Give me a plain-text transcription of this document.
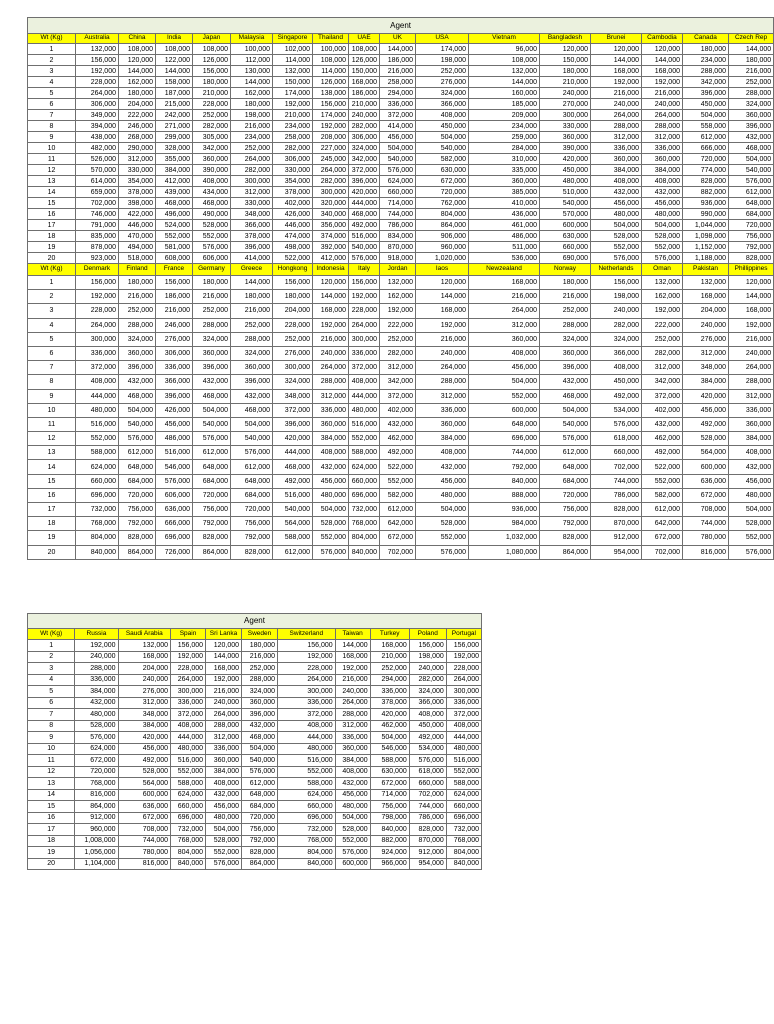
Agent																
Wt (Kg)	Australia	China	India	Japan	Malaysia	Singapore	Thailand	UAE	UK	USA	Vietnam	Bangladesh	Brunei	Cambodia	Canada	Czech Rep
1	132,000	108,000	108,000	108,000	100,000	102,000	100,000	108,000	144,000	174,000	96,000	120,000	120,000	120,000	180,000	144,000
2	156,000	120,000	122,000	126,000	112,000	114,000	108,000	126,000	186,000	198,000	108,000	150,000	144,000	144,000	234,000	180,000
3	192,000	144,000	144,000	156,000	130,000	132,000	114,000	150,000	216,000	252,000	132,000	180,000	168,000	168,000	288,000	216,000
4	228,000	162,000	158,000	180,000	144,000	150,000	126,000	168,000	258,000	276,000	144,000	210,000	192,000	192,000	342,000	252,000
5	264,000	180,000	187,000	210,000	162,000	174,000	138,000	186,000	294,000	324,000	160,000	240,000	216,000	216,000	396,000	288,000
6	306,000	204,000	215,000	228,000	180,000	192,000	156,000	210,000	336,000	366,000	185,000	270,000	240,000	240,000	450,000	324,000
7	349,000	222,000	242,000	252,000	198,000	210,000	174,000	240,000	372,000	408,000	209,000	300,000	264,000	264,000	504,000	360,000
8	394,000	246,000	271,000	282,000	216,000	234,000	192,000	282,000	414,000	450,000	234,000	330,000	288,000	288,000	558,000	396,000
9	438,000	268,000	299,000	305,000	234,000	258,000	208,000	306,000	456,000	504,000	259,000	360,000	312,000	312,000	612,000	432,000
10	482,000	290,000	328,000	342,000	252,000	282,000	227,000	324,000	504,000	540,000	284,000	390,000	336,000	336,000	666,000	468,000
11	526,000	312,000	355,000	360,000	264,000	306,000	245,000	342,000	540,000	582,000	310,000	420,000	360,000	360,000	720,000	504,000
12	570,000	330,000	384,000	390,000	282,000	330,000	264,000	372,000	576,000	630,000	335,000	450,000	384,000	384,000	774,000	540,000
13	614,000	354,000	412,000	408,000	300,000	354,000	282,000	396,000	624,000	672,000	360,000	480,000	408,000	408,000	828,000	576,000
14	659,000	378,000	439,000	434,000	312,000	378,000	300,000	420,000	660,000	720,000	385,000	510,000	432,000	432,000	882,000	612,000
15	702,000	398,000	468,000	468,000	330,000	402,000	320,000	444,000	714,000	762,000	410,000	540,000	456,000	456,000	936,000	648,000
16	746,000	422,000	496,000	490,000	348,000	426,000	340,000	468,000	744,000	804,000	436,000	570,000	480,000	480,000	990,000	684,000
17	791,000	446,000	524,000	528,000	366,000	446,000	356,000	492,000	786,000	864,000	461,000	600,000	504,000	504,000	1,044,000	720,000
18	835,000	470,000	552,000	552,000	378,000	474,000	374,000	516,000	834,000	906,000	486,000	630,000	528,000	528,000	1,098,000	756,000
19	878,000	494,000	581,000	576,000	396,000	498,000	392,000	540,000	870,000	960,000	511,000	660,000	552,000	552,000	1,152,000	792,000
20	923,000	518,000	608,000	606,000	414,000	522,000	412,000	576,000	918,000	1,020,000	536,000	690,000	576,000	576,000	1,188,000	828,000
Wt (Kg)	Denmark	Finland	France	Germany	Greece	Hongkong	Indonesia	Italy	Jordan	Iaos	Newzealand	Norway	Netherlands	Oman	Pakistan	Phillippines
1	156,000	180,000	156,000	180,000	144,000	156,000	120,000	156,000	132,000	120,000	168,000	180,000	156,000	132,000	132,000	120,000
2	192,000	216,000	186,000	216,000	180,000	180,000	144,000	192,000	162,000	144,000	216,000	216,000	198,000	162,000	168,000	144,000
3	228,000	252,000	216,000	252,000	216,000	204,000	168,000	228,000	192,000	168,000	264,000	252,000	240,000	192,000	204,000	168,000
4	264,000	288,000	246,000	288,000	252,000	228,000	192,000	264,000	222,000	192,000	312,000	288,000	282,000	222,000	240,000	192,000
5	300,000	324,000	276,000	324,000	288,000	252,000	216,000	300,000	252,000	216,000	360,000	324,000	324,000	252,000	276,000	216,000
6	336,000	360,000	306,000	360,000	324,000	276,000	240,000	336,000	282,000	240,000	408,000	360,000	366,000	282,000	312,000	240,000
7	372,000	396,000	336,000	396,000	360,000	300,000	264,000	372,000	312,000	264,000	456,000	396,000	408,000	312,000	348,000	264,000
8	408,000	432,000	366,000	432,000	396,000	324,000	288,000	408,000	342,000	288,000	504,000	432,000	450,000	342,000	384,000	288,000
9	444,000	468,000	396,000	468,000	432,000	348,000	312,000	444,000	372,000	312,000	552,000	468,000	492,000	372,000	420,000	312,000
10	480,000	504,000	426,000	504,000	468,000	372,000	336,000	480,000	402,000	336,000	600,000	504,000	534,000	402,000	456,000	336,000
11	516,000	540,000	456,000	540,000	504,000	396,000	360,000	516,000	432,000	360,000	648,000	540,000	576,000	432,000	492,000	360,000
12	552,000	576,000	486,000	576,000	540,000	420,000	384,000	552,000	462,000	384,000	696,000	576,000	618,000	462,000	528,000	384,000
13	588,000	612,000	516,000	612,000	576,000	444,000	408,000	588,000	492,000	408,000	744,000	612,000	660,000	492,000	564,000	408,000
14	624,000	648,000	546,000	648,000	612,000	468,000	432,000	624,000	522,000	432,000	792,000	648,000	702,000	522,000	600,000	432,000
15	660,000	684,000	576,000	684,000	648,000	492,000	456,000	660,000	552,000	456,000	840,000	684,000	744,000	552,000	636,000	456,000
16	696,000	720,000	606,000	720,000	684,000	516,000	480,000	696,000	582,000	480,000	888,000	720,000	786,000	582,000	672,000	480,000
17	732,000	756,000	636,000	756,000	720,000	540,000	504,000	732,000	612,000	504,000	936,000	756,000	828,000	612,000	708,000	504,000
18	768,000	792,000	666,000	792,000	756,000	564,000	528,000	768,000	642,000	528,000	984,000	792,000	870,000	642,000	744,000	528,000
19	804,000	828,000	696,000	828,000	792,000	588,000	552,000	804,000	672,000	552,000	1,032,000	828,000	912,000	672,000	780,000	552,000
20	840,000	864,000	726,000	864,000	828,000	612,000	576,000	840,000	702,000	576,000	1,080,000	864,000	954,000	702,000	816,000	576,000
Agent										
Wt (Kg)	Russia	Saudi Arabia	Spain	Sri Lanka	Sweden	Switzerland	Taiwan	Turkey	Poland	Portugal
1	192,000	132,000	156,000	120,000	180,000	156,000	144,000	168,000	156,000	156,000
2	240,000	168,000	192,000	144,000	216,000	192,000	168,000	210,000	198,000	192,000
3	288,000	204,000	228,000	168,000	252,000	228,000	192,000	252,000	240,000	228,000
4	336,000	240,000	264,000	192,000	288,000	264,000	216,000	294,000	282,000	264,000
5	384,000	276,000	300,000	216,000	324,000	300,000	240,000	336,000	324,000	300,000
6	432,000	312,000	336,000	240,000	360,000	336,000	264,000	378,000	366,000	336,000
7	480,000	348,000	372,000	264,000	396,000	372,000	288,000	420,000	408,000	372,000
8	528,000	384,000	408,000	288,000	432,000	408,000	312,000	462,000	450,000	408,000
9	576,000	420,000	444,000	312,000	468,000	444,000	336,000	504,000	492,000	444,000
10	624,000	456,000	480,000	336,000	504,000	480,000	360,000	546,000	534,000	480,000
11	672,000	492,000	516,000	360,000	540,000	516,000	384,000	588,000	576,000	516,000
12	720,000	528,000	552,000	384,000	576,000	552,000	408,000	630,000	618,000	552,000
13	768,000	564,000	588,000	408,000	612,000	588,000	432,000	672,000	660,000	588,000
14	816,000	600,000	624,000	432,000	648,000	624,000	456,000	714,000	702,000	624,000
15	864,000	636,000	660,000	456,000	684,000	660,000	480,000	756,000	744,000	660,000
16	912,000	672,000	696,000	480,000	720,000	696,000	504,000	798,000	786,000	696,000
17	960,000	708,000	732,000	504,000	756,000	732,000	528,000	840,000	828,000	732,000
18	1,008,000	744,000	768,000	528,000	792,000	768,000	552,000	882,000	870,000	768,000
19	1,056,000	780,000	804,000	552,000	828,000	804,000	576,000	924,000	912,000	804,000
20	1,104,000	816,000	840,000	576,000	864,000	840,000	600,000	966,000	954,000	840,000
